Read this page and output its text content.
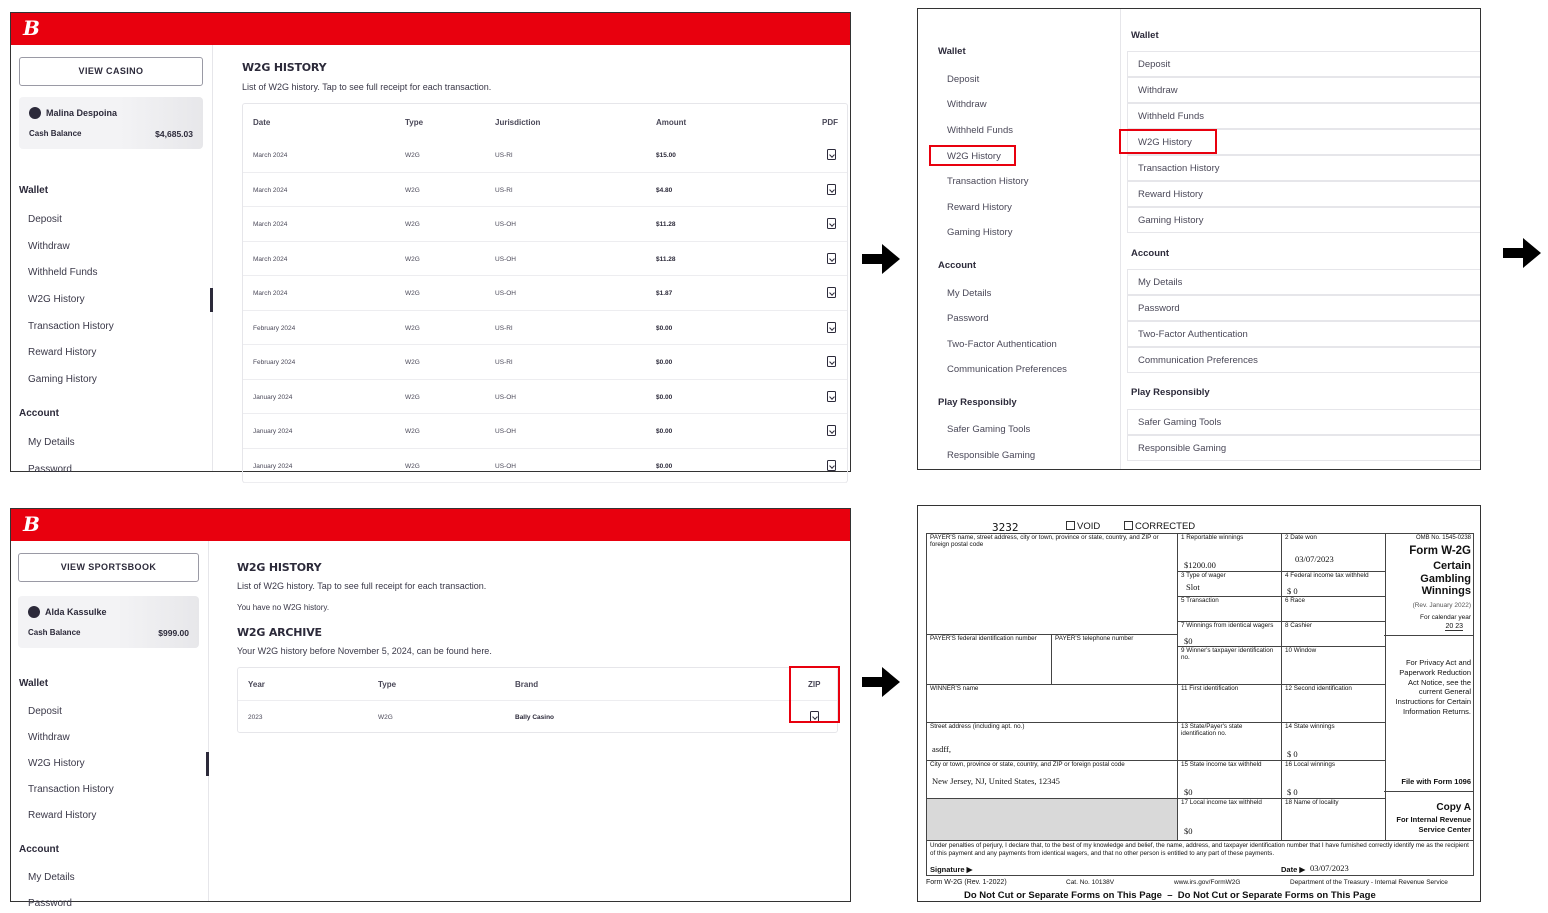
B
VIEW CASINO
Malina Despoina
Cash Balance	$4,685.03
Wallet
Deposit
Withdraw
Withheld Funds
W2G History
Transaction History
Reward History
Gaming History
Account
My Details
Password
W2G HISTORY
List of W2G history. Tap to see full receipt for each transaction.
Date	Type	Jurisdiction	Amount	PDF
March 2024	W2G	US-RI	$15.00
March 2024	W2G	US-RI	$4.80
March 2024	W2G	US-OH	$11.28
March 2024	W2G	US-OH	$11.28
March 2024	W2G	US-OH	$1.87
February 2024	W2G	US-RI	$0.00
February 2024	W2G	US-RI	$0.00
January 2024	W2G	US-OH	$0.00
January 2024	W2G	US-OH	$0.00
January 2024	W2G	US-OH	$0.00
Wallet
Deposit
Withdraw
Withheld Funds
W2G History
Transaction History
Reward History
Gaming History
Account
My Details
Password
Two-Factor Authentication
Communication Preferences
Play Responsibly
Safer Gaming Tools
Responsible Gaming
Wallet
Deposit
Withdraw
Withheld Funds
W2G History
Transaction History
Reward History
Gaming History
Account
My Details
Password
Two-Factor Authentication
Communication Preferences
Play Responsibly
Safer Gaming Tools
Responsible Gaming
B
VIEW SPORTSBOOK
Alda Kassulke
Cash Balance	$999.00
Wallet
Deposit
Withdraw
W2G History
Transaction History
Reward History
Account
My Details
Password
W2G HISTORY
List of W2G history. Tap to see full receipt for each transaction.
You have no W2G history.
W2G ARCHIVE
Your W2G history before November 5, 2024, can be found here.
Year	Type	Brand	ZIP
2023	W2G	Bally Casino
3232	VOID	CORRECTED
PAYER'S name, street address, city or town, province or state, country, and ZIP or foreign postal code
1 Reportable winnings
$1200.00
2 Date won
03/07/2023
3 Type of wager
Slot
4 Federal income tax withheld
$ 0
5 Transaction	6 Race
7 Winnings from identical wagers
$0
8 Cashier
PAYER'S federal identification number	PAYER'S telephone number
9 Winner's taxpayer identification no.
10 Window
WINNER'S name	11 First identification	12 Second identification
Street address (including apt. no.)
asdff,
13 State/Payer's state identification no.
14 State winnings
$ 0
City or town, province or state, country, and ZIP or foreign postal code
New Jersey, NJ, United States, 12345
15 State income tax withheld
$0
16 Local winnings
$ 0
17 Local income tax withheld
$0
18 Name of locality
OMB No. 1545-0238
Form W-2G
Certain Gambling Winnings
(Rev. January 2022)
For calendar year
20 23
For Privacy Act and Paperwork Reduction Act Notice, see the current General Instructions for Certain Information Returns.
File with Form 1096
Copy A
For Internal Revenue Service Center
Under penalties of perjury, I declare that, to the best of my knowledge and belief, the name, address, and taxpayer identification number that I have furnished correctly identify me as the recipient of this payment and any payments from identical wagers, and that no other person is entitled to any part of these payments.
Signature ▶	Date ▶ 03/07/2023
Form W-2G (Rev. 1-2022)	Cat. No. 10138V	www.irs.gov/FormW2G	Department of the Treasury - Internal Revenue Service
Do Not Cut or Separate Forms on This Page  –  Do Not Cut or Separate Forms on This Page
